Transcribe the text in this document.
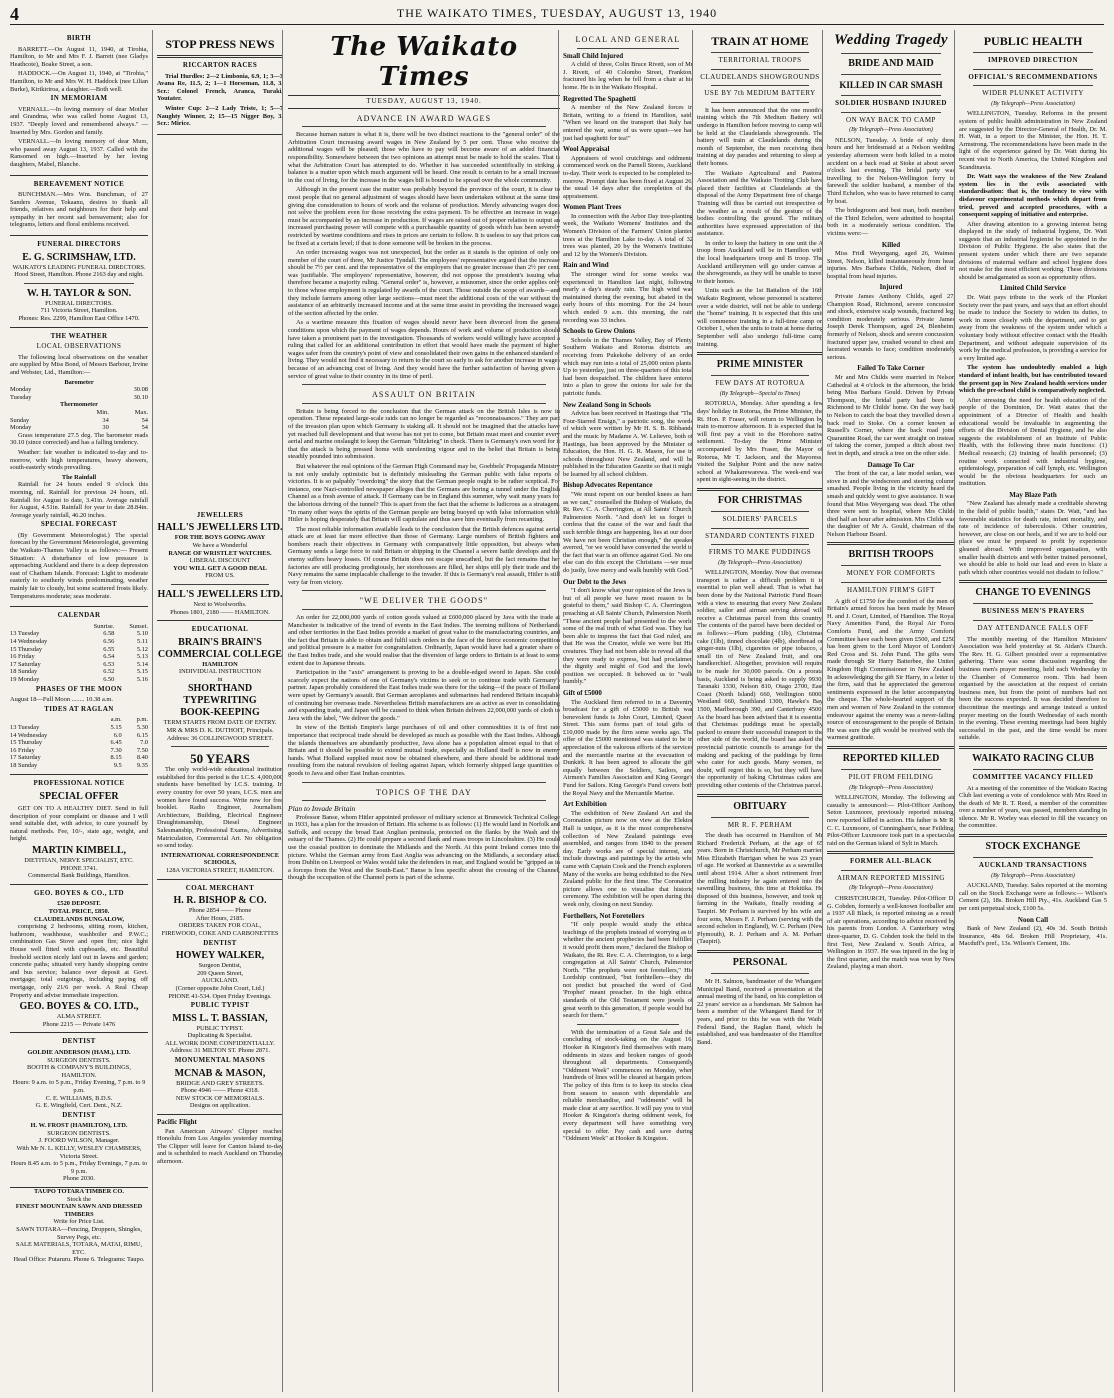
4	THE WAIKATO TIMES, TUESDAY, AUGUST 13, 1940
BIRTH

BARRETT.—On August 11, 1940, at Tirohia, Hamilton, to Mr and Mrs F. J. Barrett (nee Gladys Heathcote), Boake Street, a son.

HADDOCK.—On August 11, 1940, at "Tirohia," Hamilton, to Mr and Mrs W. H. Haddock (nee Lilian Burke), Kirikiriroa, a daughter.—Both well.

IN MEMORIAM

VERNALL.—In loving memory of dear Mother and Grandma, who was called home August 13, 1937. "Deeply loved and remembered always." —Inserted by Mrs. Gordon and family.

VERNALL.—In loving memory of dear Mum, who passed away August 13, 1937. Called with the Ransomed on high.—Inserted by her loving daughters, Mabel, Blanche.

BEREAVEMENT NOTICE

BUNCHMAN.—Mrs Wm. Bunchman, of 27 Sanders Avenue, Tokaanu, desires to thank all friends, relatives and neighbours for their help and sympathy in her recent sad bereavement; also for telegrams, letters and floral emblems received.

FUNERAL DIRECTORS
E. G. SCRIMSHAW, LTD.
WAIKATO'S LEADING FUNERAL DIRECTORS.
Hood Street, Hamilton. Phone 2163 day and night.
W. H. TAYLOR & SON.
FUNERAL DIRECTORS.
711 Victoria Street, Hamilton.
Phones: Res. 2299, Hamilton East Office 1470.
THE WEATHER
LOCAL OBSERVATIONS

The following local observations on the weather are supplied by Miss Bond, of Messrs Barbour, Irvine and Webster, Ltd., Hamilton:—

Barometer
Monday	30.08
Tuesday	30.10
Thermometer
	Min.	Max.
Sunday	34	54
Monday	30	54

Grass temperature 27.5 deg. The barometer reads 30.10 (since corrected) and has a falling tendency.

Weather: fair weather is indicated to-day and to-morrow, with high temperatures, heavy showers, south-easterly winds prevailing.

The Rainfall

Rainfall for 24 hours ended 9 o'clock this morning, nil. Rainfall for previous 24 hours, nil. Rainfall for August to date, 3.41in. Average rainfall for August, 4.51in. Rainfall for year to date 28.84in. Average yearly rainfall, 46.20 inches.

SPECIAL FORECAST

(By Government Meteorologist.) The special forecast by the Government Meteorologist, governing the Waikato-Thames Valley is as follows:— Present Situation: A disturbance of low pressure is approaching Auckland and there is a deep depression east of Chatham Islands. Forecast: Light to moderate easterly to southerly winds predominating, weather mainly fair to cloudy, but some scattered frosts likely. Temperatures moderate; seas moderate.

CALENDAR
	Sunrise.	Sunset.
13 Tuesday	6.58	5.10
14 Wednesday	6.56	5.11
15 Thursday	6.55	5.12
16 Friday	6.54	5.13
17 Saturday	6.53	5.14
18 Sunday	6.52	5.15
19 Monday	6.50	5.16
PHASES OF THE MOON
August 18—Full Moon ........ 10.38 a.m.
TIDES AT RAGLAN
	a.m.	p.m.
13 Tuesday	5.15	5.30
14 Wednesday	6.0	6.15
15 Thursday	6.45	7.0
16 Friday	7.30	7.50
17 Saturday	8.15	8.40
18 Sunday	9.5	9.35
PROFESSIONAL NOTICE
SPECIAL OFFER

GET ON TO A HEALTHY DIET. Send in full description of your complaint or disease and I will send suitable diet, with advice, to cure yourself by natural methods. Fee, 10/-, state age, weight, and height.

MARTIN KIMBELL,
DIETITIAN, NERVE SPECIALIST, ETC.
PHONE 3741.
Commercial Bank Buildings, Hamilton.
GEO. BOYES & CO., LTD
£520 DEPOSIT.
TOTAL PRICE, £850.
CLAUDELANDS BUNGALOW,

comprising 2 bedrooms, sitting room, kitchen, bathroom, washhouse, washboiler and P.W.C.; combination Gas Stove and open fire; nice light House well fitted with cupboards, etc. Beautiful freehold section nicely laid out in lawns and garden; concrete paths; situated very handy shopping centre and bus service; balance over deposit at Govt. mortgage; total outgoings, including paying off mortgage, only 21/6 per week. A Real Cheap Property and advise immediate inspection.

GEO. BOYES & CO. LTD.,
ALMA STREET.
Phone 2215 — Private 1476
DENTIST
GOLDIE ANDERSON (HAM.), LTD.
SURGEON DENTISTS.
BOOTH & COMPANY'S BUILDINGS, HAMILTON.
Hours: 9 a.m. to 5 p.m., Friday Evening, 7 p.m. to 9 p.m.
C. E. WILLIAMS, B.D.S.
G. E. Wingfield, Cert. Dent., N.Z.
DENTIST
H. W. FROST (HAMILTON), LTD.
SURGEON DENTISTS.
J. FOORD WILSON, Manager.
With Mr N. L. KELLY, WESLEY CHAMBERS, Victoria Street.
Hours 8.45 a.m. to 5 p.m., Friday Evenings, 7 p.m. to 9 p.m.
Phone 2030.
TAUPO TOTARA TIMBER CO.
Stock the
FINEST MOUNTAIN SAWN AND DRESSED TIMBERS
Write for Price List.
SAWN TOTARA—Fencing, Droppers, Shingles, Survey Pegs, etc.
SALE MATERIALS, TOTARA, MATAI, RIMU, ETC.
Head Office: Putaruru. Phone 6. Telegrams: Taupo.
STOP PRESS NEWS
RICCARTON RACES

Trial Hurdles: 2—2 Limbonia, 6.9, 1; 3—3 Avana Re, 11.5, 2; 1—1 Horseman, 11.8, 3. Scr.: Colonel French, Aranca, Turaki, Youtater.

Winter Cup: 2—2 Lady Triste, 1; 5—7 Naughty Winner, 2; 15—15 Nigger Boy, 3. Scr.: Mirice.

JEWELLERS
HALL'S JEWELLERS LTD.
FOR THE BOYS GOING AWAY
We have a Wonderful
RANGE OF WRISTLET WATCHES.
LIBERAL DISCOUNT
YOU WILL GET A GOOD DEAL
FROM US.
HALL'S JEWELLERS LTD.
Next to Woolworths.
Phones 1801, 2180 —— HAMILTON.
EDUCATIONAL
BRAIN'S BRAIN'S
COMMERCIAL COLLEGE
HAMILTON
INDIVIDUAL INSTRUCTION
in
SHORTHAND
TYPEWRITING
BOOK-KEEPING
TERM STARTS FROM DATE OF ENTRY.
MR & MRS D. K. DUTHOIT, Principals.
Address: 36 COLLINGWOOD STREET.
50 YEARS

The only world-wide educational institution established for this period is the I.C.S. 4,000,000 students have benefited by I.C.S. training. In every country for over 50 years, I.C.S. men and women have found success. Write now for free booklet. Radio Engineer, Journalism, Architecture, Building, Electrical Engineer, Draughtsmanship, Diesel Engineer, Salesmanship, Professional Exams, Advertising, Matriculation, Commercial Art. No obligation, so send today.

INTERNATIONAL CORRESPONDENCE SCHOOLS,
128A VICTORIA STREET, HAMILTON.
COAL MERCHANT
H. R. BISHOP & CO.
Phone 2854 —— Phone
After Hours, 2185.
ORDERS TAKEN FOR COAL,
FIREWOOD, COKE AND CARBONETTES
DENTIST
HOWEY WALKER,
Surgeon Dentist,
209 Queen Street,
AUCKLAND.
(Corner opposite John Court, Ltd.)
PHONE 41-534. Open Friday Evenings.
PUBLIC TYPIST
MISS L. T. BASSIAN,
PUBLIC TYPIST.
Duplicating & Specialist.
ALL WORK DONE CONFIDENTIALLY.
Address: 31 MILTON ST. Phone 2871.
MONUMENTAL MASONS
MCNAB & MASON,
BRIDGE AND GREY STREETS.
Phone 4946 —— Phone 4318.
NEW STOCK OF MEMORIALS.
Designs on application.
Pacific Flight

Pan American Airways' Clipper reached Honolulu from Los Angeles yesterday morning. The Clipper will leave for Canton Island to-day and is scheduled to reach Auckland on Thursday afternoon.

The Waikato Times
TUESDAY, AUGUST 13, 1940.
ADVANCE IN AWARD WAGES

Because human nature is what it is, there will be two distinct reactions to the "general order" of the Arbitration Court increasing award wages in New Zealand by 5 per cent. Those who receive the additional wages will be pleased; those who have to pay will become aware of an added financial responsibility. Somewhere between the two opinions an attempt must be made to hold the scales. That is what the Arbitration Court has attempted to do. Whether it has succeeded scientifically in striking a balance is a matter upon which much argument will be heard. One result is certain to be a small increase in the cost of living, for the increase in the wages bill is bound to be spread over the whole community.

Although in the present case the matter was probably beyond the province of the court, it is clear to most people that no general adjustment of wages should have been undertaken without at the same time giving due consideration to hours of work and the volume of production. Merely advancing wages does not solve the problem even for those receiving the extra payment. To be effective an increase in wages must be accompanied by an increase in production. If wages are raised out of proper relation to output an increased purchasing power will compete with a purchasable quantity of goods which has been severely restricted by wartime conditions and rises in prices are certain to follow. It is useless to say that prices can be fixed at a certain level; if that is done someone will be broken in the process.

An order increasing wages was not unexpected, but the order as it stands is the opinion of only one member of the court of three, Mr Justice Tyndall. The employees' representative argued that the increase should be 7½ per cent. and the representative of the employers that no greater increase than 2½ per cent. was justifiable. The employers' representative, however, did not oppose the president's issuing what therefore became a majority ruling. "General order" is, however, a misnomer, since the order applies only to those whose employment is regulated by awards of the court. Those outside the scope of awards—and they include farmers among other large sections—must meet the additional costs of the war without the assistance of an arbitrarily increased income and at the same time assist in providing the increased wages of the section affected by the order.

As a wartime measure this fixation of wages should never have been divorced from the general conditions upon which the payment of wages depends. Hours of work and volume of production should have taken a prominent part in the investigation. Thousands of workers would willingly have accepted a ruling that called for an additional contribution in effort that would have made the payment of higher wages safer from the country's point of view and consolidated their own gains in the enhanced standard of living. They would not find it necessary to return to the court so early to ask for another increase in wages because of an advancing cost of living. And they would have the further satisfaction of having given a service of great value to their country in its time of peril.

ASSAULT ON BRITAIN

Britain is being forced to the conclusion that the German attack on the British Isles is now in operation. These repeated large-scale raids can no longer be regarded as "reconnaissances." They are part of the invasion plan upon which Germany is staking all. It should not be imagined that the attacks have yet reached full development and that worse has not yet to come, but Britain must meet and counter every aerial and marine onslaught to keep the German "blitzkrieg" in check. There is Germany's own word for it that the attack is being pressed home with unrelenting vigour and in the belief that Britain is being steadily pounded into submission.

But whatever the real opinions of the German High Command may be, Goebbels' Propaganda Ministry is not only unduly optimistic but is definitely misleading the German public with false reports of victories. It is so palpably "overdoing" the story that the German people ought to be rather sceptical. For instance, one Nazi-controlled newspaper alleges that the Germans are boring a tunnel under the English Channel as a fresh avenue of attack. If Germany can be in England this summer, why wait many years for the laborious driving of the tunnel? This is apart from the fact that the scheme is ludicrous as a stratagem. "In many other ways the spirits of the German people are being buoyed up with false information while Hitler is hoping desperately that Britain will capitulate and thus save him eventually from recanting.

The most reliable information available leads to the conclusion that the British defences against aerial attack are at least far more effective than those of Germany. Large numbers of British fighters and bombers reach their objectives in Germany with comparatively little opposition, but always when Germany sends a large force to raid Britain or shipping in the Channel a severe battle develops and the enemy suffers heavy losses. Of course Britain does not escape unscathed, but the fact remains that her factories are still producing prodigiously, her storehouses are filled, her ships still ply their trade and the Navy remains the same implacable challenge to the invader. If this is Germany's real assault, Hitler is still very far from victory.

"WE DELIVER THE GOODS"

An order for 22,000,000 yards of cotton goods valued at £600,000 placed by Java with the trade at Manchester is indicative of the trend of events in the East Indies. The teeming millions of Netherlands and other territories in the East Indies provide a market of great value to the manufacturing countries, and the fact that Britain is able to obtain and fulfil such orders in the face of the fierce economic competition and political pressure is a matter for congratulation. Ordinarily, Japan would have had a greater share of the East Indies trade, and she would realise that the diversion of large orders to Britain is at least to some extent due to Japanese threats.

Participation in the "axis" arrangement is proving to be a double-edged sword to Japan. She could scarcely expect the nations of one of Germany's victims to seek or to continue trade with Germany's partner. Japan probably considered the East Indies trade was there for the taking—if the peace of Holland were upset by Germany's assault. But German aeroplanes and submarines had rendered Britain incapable of continuing her overseas trade. Nevertheless British manufacturers are as active as ever in consolidating and expanding trade, and Japan will be caused to think when Britain delivers 22,000,000 yards of cloth to Java with the label, "We deliver the goods."

In view of the British Empire's large purchases of oil and other commodities it is of first rate importance that reciprocal trade should be developed as much as possible with the East Indies. Although the islands themselves are abundantly productive, Java alone has a population almost equal to that of Britain and it should be possible to extend mutual trade, especially as Holland itself is now in enemy hands. What Holland supplied must now be obtained elsewhere, and there should be additional trade resulting from the natural revulsion of feeling against Japan, which formerly shipped large quantities of goods to Java and other East Indian countries.

TOPICS OF THE DAY
Plan to Invade Britain

Professor Banse, whom Hitler appointed professor of military science at Brunswick Technical College in 1933, has a plan for the invasion of Britain. His scheme is as follows: (1) He would land in Norfolk and Suffolk, and occupy the broad East Anglian peninsula, protected on the flanks by the Wash and the estuary of the Thames. (2) He could prepare a second flank and mass troops in Lincolnshire. (3) He could use the coastal position to dominate the Midlands and the North. At this point Ireland comes into the picture. Whilst the German army from East Anglia was advancing on the Midlands, a secondary attack from Dublin on Liverpool or Wales would take the defenders in rear, and England would be "gripped as in a forceps from the West and the South-East." Banse is less specific about the crossing of the Channel, though the occupation of the Channel ports is part of the scheme.

LOCAL AND GENERAL
Small Child Injured

A child of three, Colin Bruce Rivett, son of Mr J. Rivett, of 40 Colombo Street, Frankton, fractured his leg when he fell from a chair at his home. He is in the Waikato Hospital.

Regretted The Spaghetti

A member of the New Zealand forces in Britain, writing to a friend in Hamilton, said: "When we heard on the transport that Italy had entered the war, some of us were upset—we had just had spaghetti for tea!"

Wool Appraisal

Appraisers of wool crutchings and oddments commenced work on the Parnell Stores, Auckland, to-day. Their work is expected to be completed to-morrow. Prompt date has been fixed at August 26, the usual 14 days after the completion of the appraisement.

Women Plant Trees

In connection with the Arbor Day tree-planting week, the Waikato Womens' Institutes and the Women's Division of the Farmers' Union planted trees at the Hamilton Lake to-day. A total of 32 trees was planted, 20 by the Women's Institutes and 12 by the Women's Division.

Rain and Wind

The stronger wind for some weeks was experienced in Hamilton last night, following nearly a day's steady rain. The high wind was maintained during the evening, but abated in the early hours of this morning. For the 24 hours which ended 9 a.m. this morning, the rain recording was 33 inches.

Schools to Grow Onions

Schools in the Thames Valley, Bay of Plenty, Southern Waikato and Rotorua districts are receiving from Pukekohe delivery of an order which may run into a total of 25,000 onion plants. Up to yesterday, just on three-quarters of this total had been despatched. The children have entered into a plan to grow the onions for sale for the patriotic funds.

New Zealand Song in Schools

Advice has been received in Hastings that "The Four-Starred Ensign," a patriotic song, the words of which were written by Mr H. S. B. Ribbands and the music by Madame A. W. Lelievre, both of Hastings, has been approved by the Minister of Education, the Hon. H. G. R. Mason, for use in schools throughout New Zealand, and will be published in the Education Gazette so that it might be learned by all school children.

Bishop Advocates Repentance

"We must repent on our bended knees as hard as we can," counselled the Bishop of Waikato, the Rt. Rev. C. A. Cherrington, at All Saints' Church, Palmerston North. "And don't let us forget to confess that the cause of the war and fault that such terrible things are happening, lies at our door. We have not been Christian enough," the speaker averred, "or we would have converted the world to the fact that war is an offence against God. No one else can do this except the Christians —we must do justly, love mercy and walk humbly with God."

Our Debt to the Jews

"I don't know what your opinion of the Jews is, but of all people we have most reason to be grateful to them," said Bishop C. A. Cherrington, preaching at All Saints' Church, Palmerston North. "These ancient people had presented to the world some of the real truth of what God was. They had been able to impress the fact that God ruled, and that He was the Creator, while we were but His creatures. They had not been able to reveal all that they were ready to express, but had proclaimed the dignity and might of God and the lowly position we occupied. It behoved us to "walk humbly."

Gift of £5000

The Auckland firm referred to in a Daventry broadcast for a gift of £5000 to British war benevolent funds is John Court, Limited, Queen Street. This sum forms part of total gifts of £10,000 made by the firm some weeks ago. The offer of the £5000 mentioned was stated to be in appreciation of the valorous efforts of the services and the mercantile marine at the evacuation of Dunkirk. It has been agreed to allocate the gift equally between the Soldiers, Sailors, and Airmen's Families Association and King George's Fund for Sailors. King George's Fund covers both the Royal Navy and the Mercantile Marine.

Art Exhibition

The exhibition of New Zealand Art and the Coronation picture now on view at the Elektor Hall is unique, as it is the most comprehensive collection of New Zealand paintings ever assembled, and ranges from 1840 to the present day. Early works are of special interest, and include drawings and paintings by the artists who came with Captain Cook and the French explorers. Many of the works are being exhibited to the New Zealand public for the first time. The Coronation picture allows one to visualise that historic ceremony. The exhibition will be open during this week only, closing on next Sunday.

Forthellers, Not Foretellers

"If only people would study the ethical teachings of the prophets instead of worrying as to whether the ancient prophecies had been fulfilled it would profit them more," declared the Bishop of Waikato, the Rt. Rev. C. A. Cherrington, to a large congregation at All Saints' Church, Palmerston North. "The prophets were not foretellers," His Lordship continued, "but forthtellers—they did not predict but preached the word of God. 'Prophet' meant preacher. In the high ethical standards of the Old Testament were jewels of great worth to this generation, if people would but search for them."

With the termination of a Great Sale and the concluding of stock-taking on the August 16, Hooker & Kingston's find themselves with many oddments in sizes and broken ranges of goods throughout all departments. Consequently "Oddment Week" commences on Monday, when hundreds of lines will be cleared at bargain prices. The policy of this firm is to keep its stocks clear from season to season with dependable and reliable merchandise, and "oddments" will be made clear at any sacrifice. It will pay you to visit Hooker & Kingston's during oddment week, for every department will have something very special to offer. Pay cash and save during "Oddment Week" at Hooker & Kingston.

TRAIN AT HOME
TERRITORIAL TROOPS
CLAUDELANDS SHOWGROUNDS
USE BY 7th MEDIUM BATTERY

It has been announced that the one month's training which the 7th Medium Battery will undergo in Hamilton before moving to camp will be held at the Claudelands showgrounds. The battery will train at Claudelands during the month of September, the men receiving their training at day parades and returning to sleep at their homes.

The Waikato Agricultural and Pastoral Association and the Waikato Trotting Club have placed their facilities at Claudelands at the disposal of the Army Department free of charge. Training will thus be carried out irrespective of the weather as a result of the gesture of the bodies controlling the ground. The military authorities have expressed appreciation of this assistance.

In order to keep the battery in one unit the A troop from Auckland will be in Hamilton with the local headquarters troop and B troop. The Auckland artillerymen will go under canvas at the showgrounds, as they will be unable to travel to their homes.

Units such as the 1st Battalion of the 16th Waikato Regiment, whose personnel is scattered over a wide district, will not be able to undergo the "home" training. It is expected that this unit will commence training in a full-time camp on October 1, when the units to train at home during September will also undergo full-time camp training.

PRIME MINISTER
FEW DAYS AT ROTORUA
(By Telegraph—Special to Times)

ROTORUA, Monday. After spending a few days' holiday in Rotorua, the Prime Minister, the Rt. Hon. P. Fraser, will return to Wellington by train to-morrow afternoon. It is expected that he will first pay a visit to the Horohoro native settlement. To-day the Prime Minister, accompanied by Mrs Fraser, the Mayor of Rotorua, Mr T. Jackson, and the Mayoress, visited the Sulphur Point and the new native school at Whakarewarewa. The week-end was spent in sight-seeing in the district.

FOR CHRISTMAS
SOLDIERS' PARCELS
STANDARD CONTENTS FIXED
FIRMS TO MAKE PUDDINGS
(By Telegraph—Press Association)

WELLINGTON, Monday. Now that overseas transport is rather a difficult problem it is essential to plan well ahead. That is what has been done by the National Patriotic Fund Board with a view to ensuring that every New Zealand soldier, sailor and airman serving abroad will receive a Christmas parcel from this country. The contents of the parcel have been decided on as follows:—Plum pudding (1lb), Christmas cake (1lb), tinned chocolate (4lb), shortbread or ginger-nuts (1lb), cigarettes or pipe tobacco, a small tin of New Zealand fruit, and one handkerchief. Altogether, provision will require to be made for 30,000 parcels. On a prorata basis, Auckland is being asked to supply 9930, Taranaki 1330, Nelson 810, Otago 2700, East Coast (North Island) 660, Wellington 6000, Westland 660, Southland 1300, Hawke's Bay 1500, Marlborough 390, and Canterbury 4500. As the board has been advised that it is essential that Christmas puddings must be specially packed to ensure their successful transport to the other side of the world, the board has asked the provincial patriotic councils to arrange for the making and packing of the puddings by firms who cater for such goods. Many women, no doubt, will regret this is so, but they will have the opportunity of baking Christmas cakes and providing other contents of the Christmas parcel.

OBITUARY
MR R. F. PERHAM

The death has occurred in Hamilton of Mr Richard Frederick Perham, at the age of 65 years. Born in Christchurch, Mr Perham married Miss Elizabeth Harrigan when he was 23 years of age. He worked at Dannevirke as a sawmiller until about 1914. After a short retirement from the milling industry he again entered into the sawmilling business, this time at Hokitika. He disposed of this business, however, and took up farming in the Waikato, finally residing at Taupiri. Mr Perham is survived by his wife and four sons, Messrs F. J. Perham (serving with the second echelon in England), W. C. Perham (New Plymouth), R. J. Perham and A. M. Perham (Taupiri).

PERSONAL

Mr H. Salmon, bandmaster of the Whangarei Municipal Band, received a presentation at the annual meeting of the band, on his completion of 22 years' service as a bandsman. Mr Salmon has been a member of the Whangarei Band for 16 years, and prior to this he was with the Waihi Federal Band, the Raglan Band, which he established, and was bandmaster of the Hamilton Band.

Wedding Tragedy
BRIDE AND MAID
KILLED IN CAR SMASH
SOLDIER HUSBAND INJURED
ON WAY BACK TO CAMP
(By Telegraph—Press Association)

NELSON, Tuesday. A bride of only three hours and her bridesmaid at a Nelson wedding yesterday afternoon were both killed in a motor accident on a back road at Stoke at about seven o'clock last evening. The bridal party was travelling to the Nelson-Wellington ferry to farewell the soldier husband, a member of the Third Echelon, who was to have returned to camp by boat.

The bridegroom and best man, both members of the Third Echelon, were admitted to hospital, both in a moderately serious condition. The victims were:—

Killed

Miss Fridl Weyergang, aged 26, Waimea Street, Nelson, killed instantaneously from head injuries. Mrs Barbara Childs, Nelson, died in hospital from head injuries.

Injured

Private James Anthony Childs, aged 27, Champion Road, Richmond, severe concussion and shock, extensive scalp wounds, fractured leg; condition moderately serious. Private James Joseph Derek Thompson, aged 24, Blenheim, formerly of Nelson, shock and severe concussion, fractured upper jaw, crushed wound to chest and lacerated wounds to face; condition moderately serious.

Failed To Take Corner

Mr and Mrs Childs were married in Nelson Cathedral at 4 o'clock in the afternoon, the bride being Miss Barbara Gould. Driven by Private Thompson, the bridal party had been to Richmond to Mr Childs' home. On the way back to Nelson to catch the boat they travelled down a back road to Stoke. On a corner known as Russell's Corner, where the back road joins Quarantine Road, the car went straight on instead of taking the corner, jumped a ditch about two feet in depth, and struck a tree on the other side.

Damage To Car

The front of the car, a late model sedan, was stove in and the windscreen and steering column smashed. People living in the vicinity heard the smash and quickly went to give assistance. It was found that Miss Weyergang was dead. The other three were sent to hospital, where Mrs Childs died half an hour after admission. Mrs Childs was the daughter of Mr A. Gould, chairman of the Nelson Harbour Board.

BRITISH TROOPS
MONEY FOR COMFORTS
HAMILTON FIRM'S GIFT

A gift of £1750 for the comfort of the men of Britain's armed forces has been made by Messrs H. and J. Court, Limited, of Hamilton. The Royal Navy Amenities Fund, the Royal Air Force Comforts Fund, and the Army Comforts Committee have each been given £500, and £250 has been given to the Lord Mayor of London's Red Cross and St. John Fund. The gifts were made through Sir Harry Batterbee, the United Kingdom High Commissioner in New Zealand. In acknowledging the gift Sir Harry, in a letter to the firm, said that he appreciated the generous sentiments expressed in the letter accompanying the cheque. The whole-hearted support of the men and women of New Zealand in the common endeavour against the enemy was a never-failing source of encouragement to the people of Britain. He was sure the gift would be received with the warmest gratitude.

REPORTED KILLED
PILOT FROM FEILDING
(By Telegraph—Press Association)

WELLINGTON, Monday. The following air casualty is announced:— Pilot-Officer Anthony Seton Luxmoore, previously reported missing, now reported killed in action. His father is Mr R. C. C. Luxmoore, of Cunningham's, near Feilding. Pilot-Officer Luxmoore took part in a spectacular raid on the German island of Sylt in March.

FORMER ALL-BLACK
AIRMAN REPORTED MISSING
(By Telegraph—Press Association)

CHRISTCHURCH, Tuesday. Pilot-Officer D. G. Cobden, formerly a well-known footballer and a 1937 All Black, is reported missing as a result of air operations, according to advice received by his parents from London. A Canterbury wing three-quarter, D. G. Cobden took the field in the first Test, New Zealand v. South Africa, at Wellington in 1937. He was injured in the leg in the first quarter, and the match was won by New Zealand, playing a man short.

PUBLIC HEALTH
IMPROVED DIRECTION
OFFICIAL'S RECOMMENDATIONS
WIDER PLUNKET ACTIVITY
(By Telegraph—Press Association)

WELLINGTON, Tuesday. Reforms in the present system of public health administration in New Zealand are suggested by the Director-General of Health, Dr. M. H. Watt, in a report to the Minister, the Hon. H. T. Armstrong. The recommendations have been made in the light of the experience gained by Dr. Watt during his recent visit to North America, the United Kingdom and Scandinavia.

Dr. Watt says the weakness of the New Zealand system lies in the evils associated with standardisation: that is, the tendency to view with disfavour experimental methods which depart from tried, proved and accepted procedures, with a consequent sapping of initiative and enterprise.

After drawing attention to a growing interest being displayed in the study of industrial hygiene, Dr. Watt suggests that an industrial hygienist be appointed in the Division of Public Hygiene. He also states that the present system under which there are two separate divisions of maternal welfare and school hygiene does not make for the most efficient working. These divisions should be amalgamated as soon as opportunity offers.

Limited Child Service

Dr. Watt pays tribute to the work of the Plunket Society over the past years, and says that an effort should be made to induce the Society to widen its duties, to work in more closely with the department, and to get away from the weakness of the system under which a voluntary body without effective contact with the Health Department, and without adequate supervision of its work by the medical profession, is providing a service for a very limited age.

The system has undoubtedly enabled a high standard of infant health, but has contributed toward the present gap in New Zealand health services under which the pre-school child is comparatively neglected.

After stressing the need for health education of the people of the Dominion, Dr. Watt states that the appointment of a Director of Health and health educational would be invaluable in augmenting the efforts of the Division of Dental Hygiene, and he also suggests the establishment of an Institute of Public Health, with the following three main functions: (1) Medical research; (2) training of health personnel; (3) routine work connected with industrial hygiene, epidemiology, preparation of calf lymph, etc. Wellington would be the obvious headquarters for such an institution.

May Blaze Path

"New Zealand has already made a creditable showing in the field of public health," states Dr. Watt, "and has favourable statistics for death rate, infant mortality, and rate of incidence of tuberculosis. Other countries, however, are close on our heels, and if we are to hold our place we must be prepared to profit by experience gleaned abroad. With improved organisation, with smaller health districts and with better trained personnel, we should be able to hold our lead and even to blaze a path which other countries would not disdain to follow."

CHANGE TO EVENINGS
BUSINESS MEN'S PRAYERS
DAY ATTENDANCE FALLS OFF

The monthly meeting of the Hamilton Ministers' Association was held yesterday at St. Aidan's Church. The Rev. H. G. Gilbert presided over a representative gathering. There was some discussion regarding the business men's prayer meeting, held each Wednesday in the Chamber of Commerce room. This had been organised by the association at the request of certain business men, but from the point of numbers had not been the success expected. It was decided therefore to discontinue the meetings and arrange instead a united prayer meeting on the fourth Wednesday of each month in the evening. These evening meetings had been highly successful in the past, and the time would be more suitable.

WAIKATO RACING CLUB
COMMITTEE VACANCY FILLED

At a meeting of the committee of the Waikato Racing Club last evening a vote of condolence with Mrs Reed in the death of Mr R. T. Reed, a member of the committee over a number of years, was passed, members standing in silence. Mr R. Worley was elected to fill the vacancy on the committee.

STOCK EXCHANGE
AUCKLAND TRANSACTIONS
(By Telegraph—Press Association)

AUCKLAND, Tuesday. Sales reported at the morning call on the Stock Exchange were as follows:— Wilson's Cement (2), 18s. Broken Hill Pty., 41s. Auckland Gas 5 per cent perpetual stock, £100 5s.

Noon Call

Bank of New Zealand (2), 40s 3d. South British Insurance, 48s 6d. Broken Hill Proprietary, 41s. Macduff's pref., 13s. Wilson's Cement, 18s.
